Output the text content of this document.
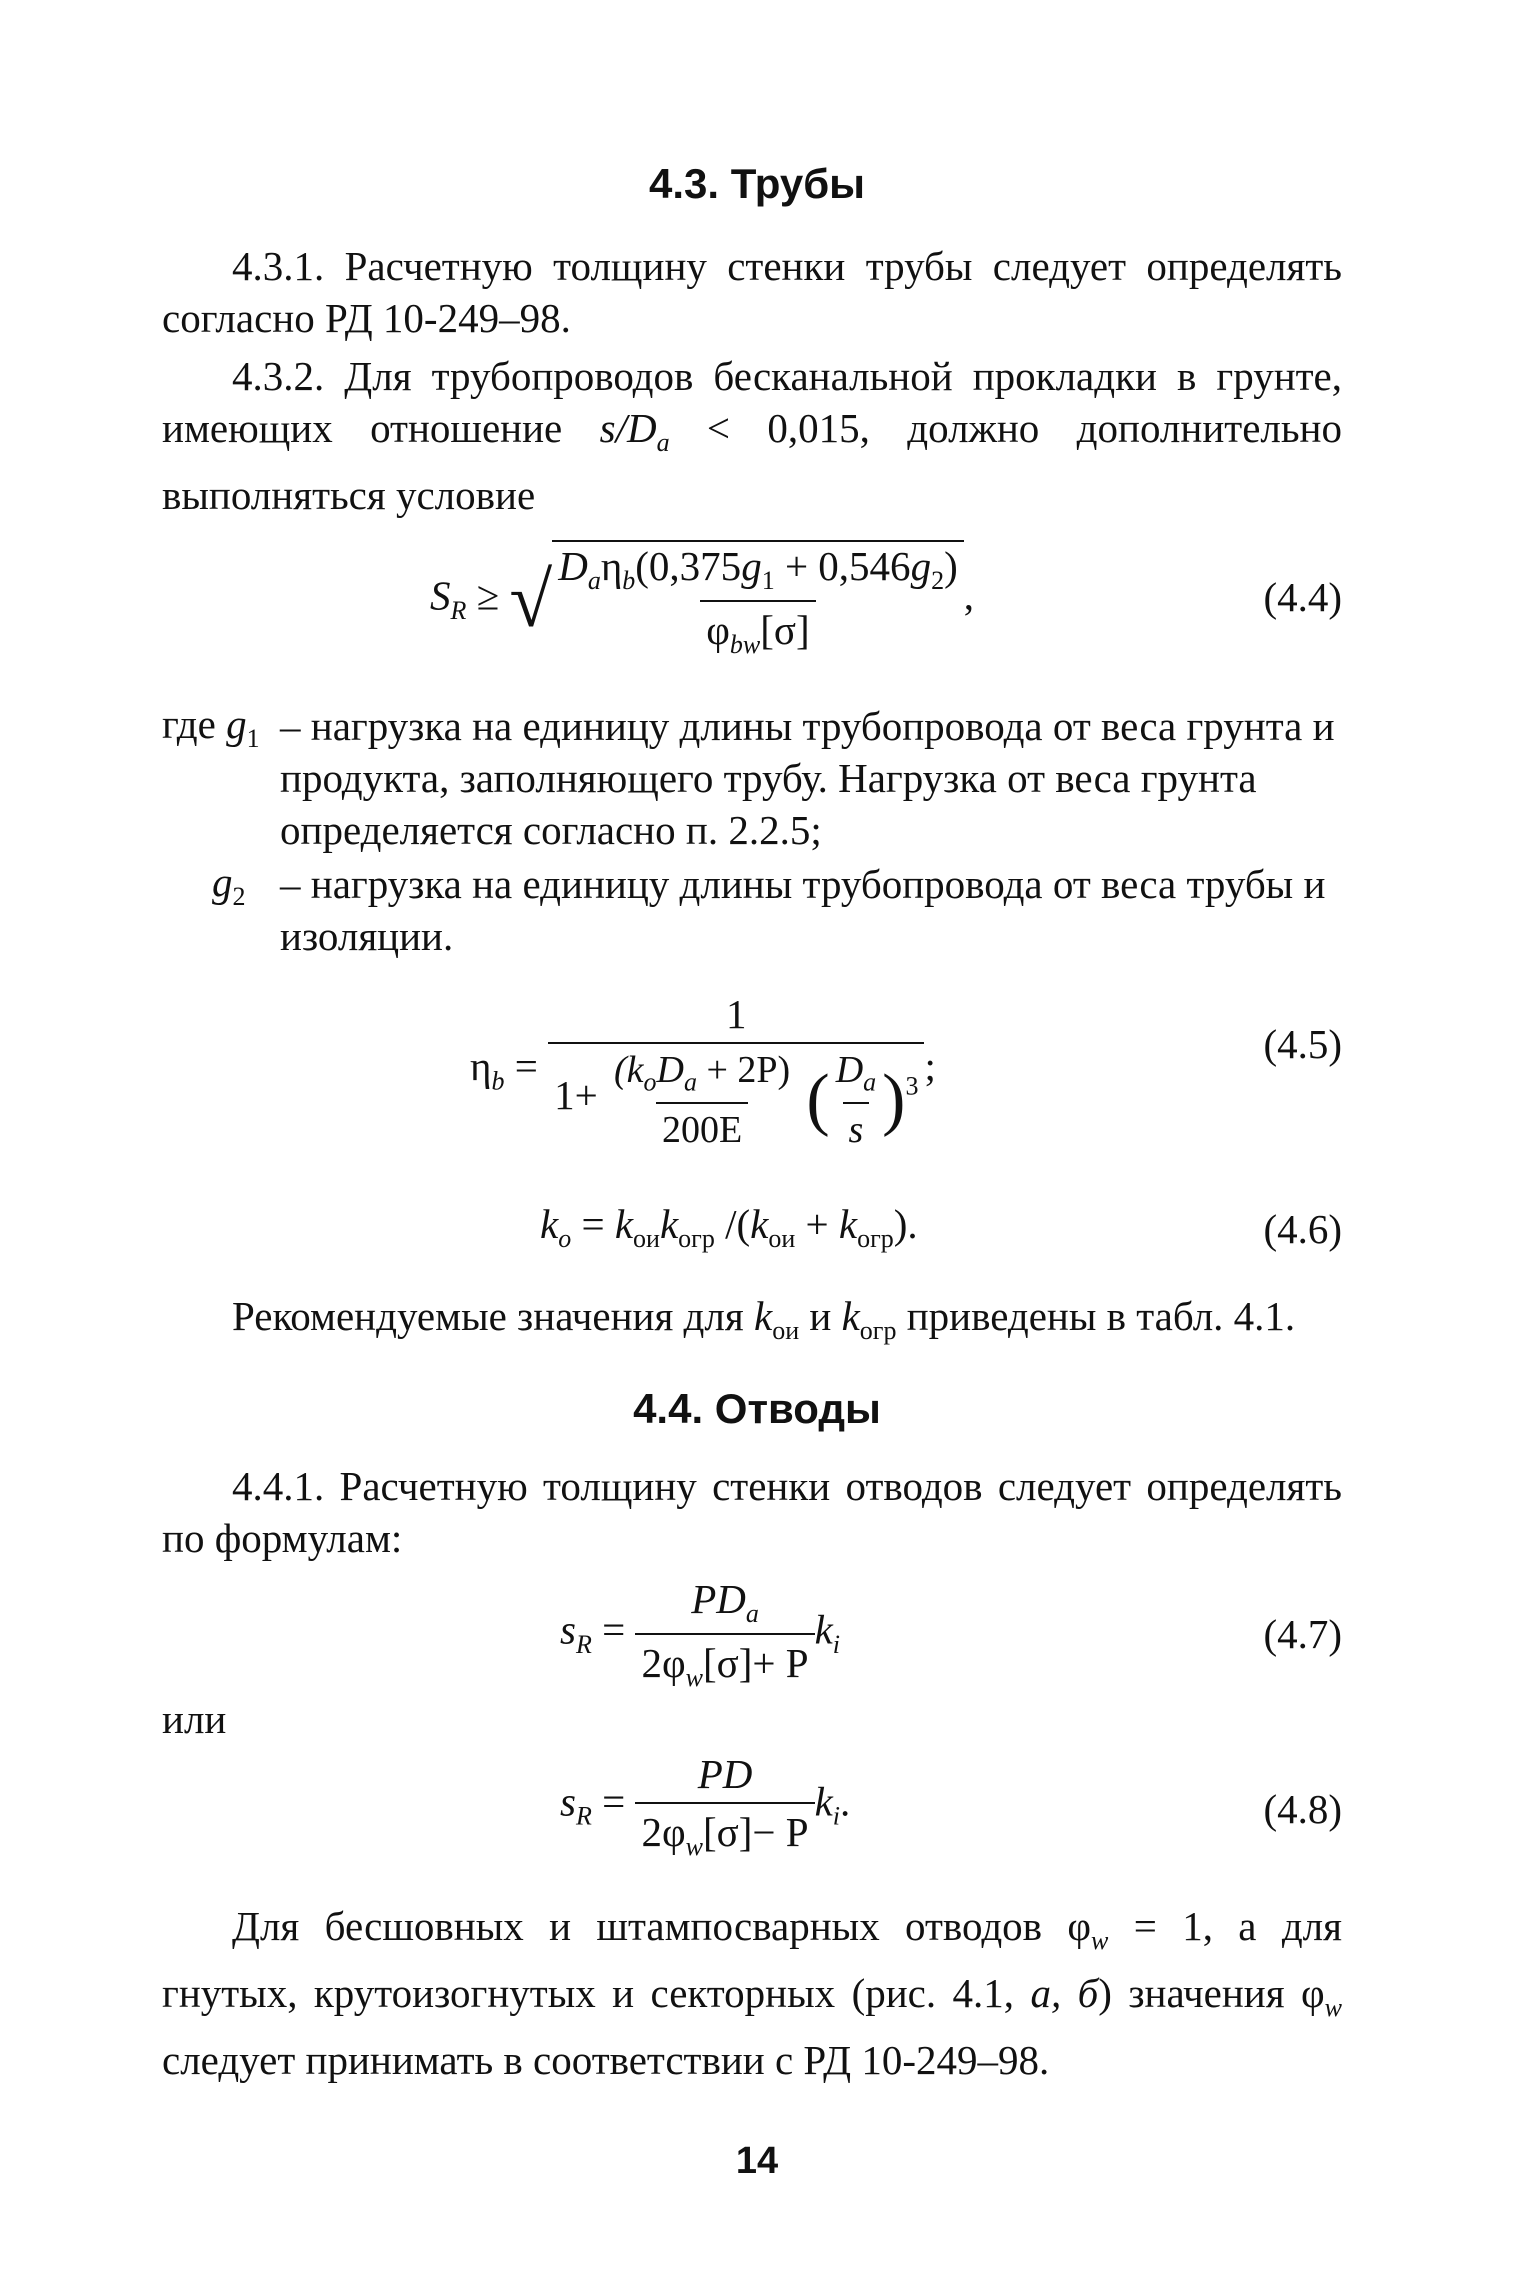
4.3. Трубы
4.3.1. Расчетную толщину стенки трубы следует определять согласно РД 10-249–98.
4.3.2. Для трубопроводов бесканальной прокладки в грунте, имеющих отношение $s/D_a < 0,015$, должно дополнительно выполняться условие
$S_R$ ≥ √ $\frac{D_a\eta_b(0,375g_1 + 0,546g_2)}{\varphi_{bw}[\sigma]}$ ,	(4.4)
где $g_1$ – нагрузка на единицу длины трубопровода от веса грунта и продукта, заполняющего трубу. Нагрузка от веса грунта определяется согласно п. 2.2.5;
$g_2$ – нагрузка на единицу длины трубопровода от веса трубы и изоляции.
$\eta_b$ =
1
$1+ \frac{(k_oD_a + 2P)}{200E}$ ( $\frac{D_a}{s} )^3$ ;	(4.5)
$k_o = k_{ои}k_{огр}$ $/(k_{ои} + k_{огр})$.	(4.6)
Рекомендуемые значения для $k_{ои}$ и $k_{огр}$ приведены в табл. 4.1.
4.4. Отводы
4.4.1. Расчетную толщину стенки отводов следует определять по формулам:
$s_R = \frac{PD_a}{2\varphi_w[\sigma]+ P} k_i$	(4.7)
или
$s_R = \frac{PD}{2\varphi_w[\sigma]- P} k_i$.	(4.8)
Для бесшовных и штампосварных отводов $\varphi_w = 1$, а для гнутых, крутоизогнутых и секторных (рис. 4.1, а, б) значения $\varphi_w$ следует принимать в соответствии с РД 10-249–98.
14
